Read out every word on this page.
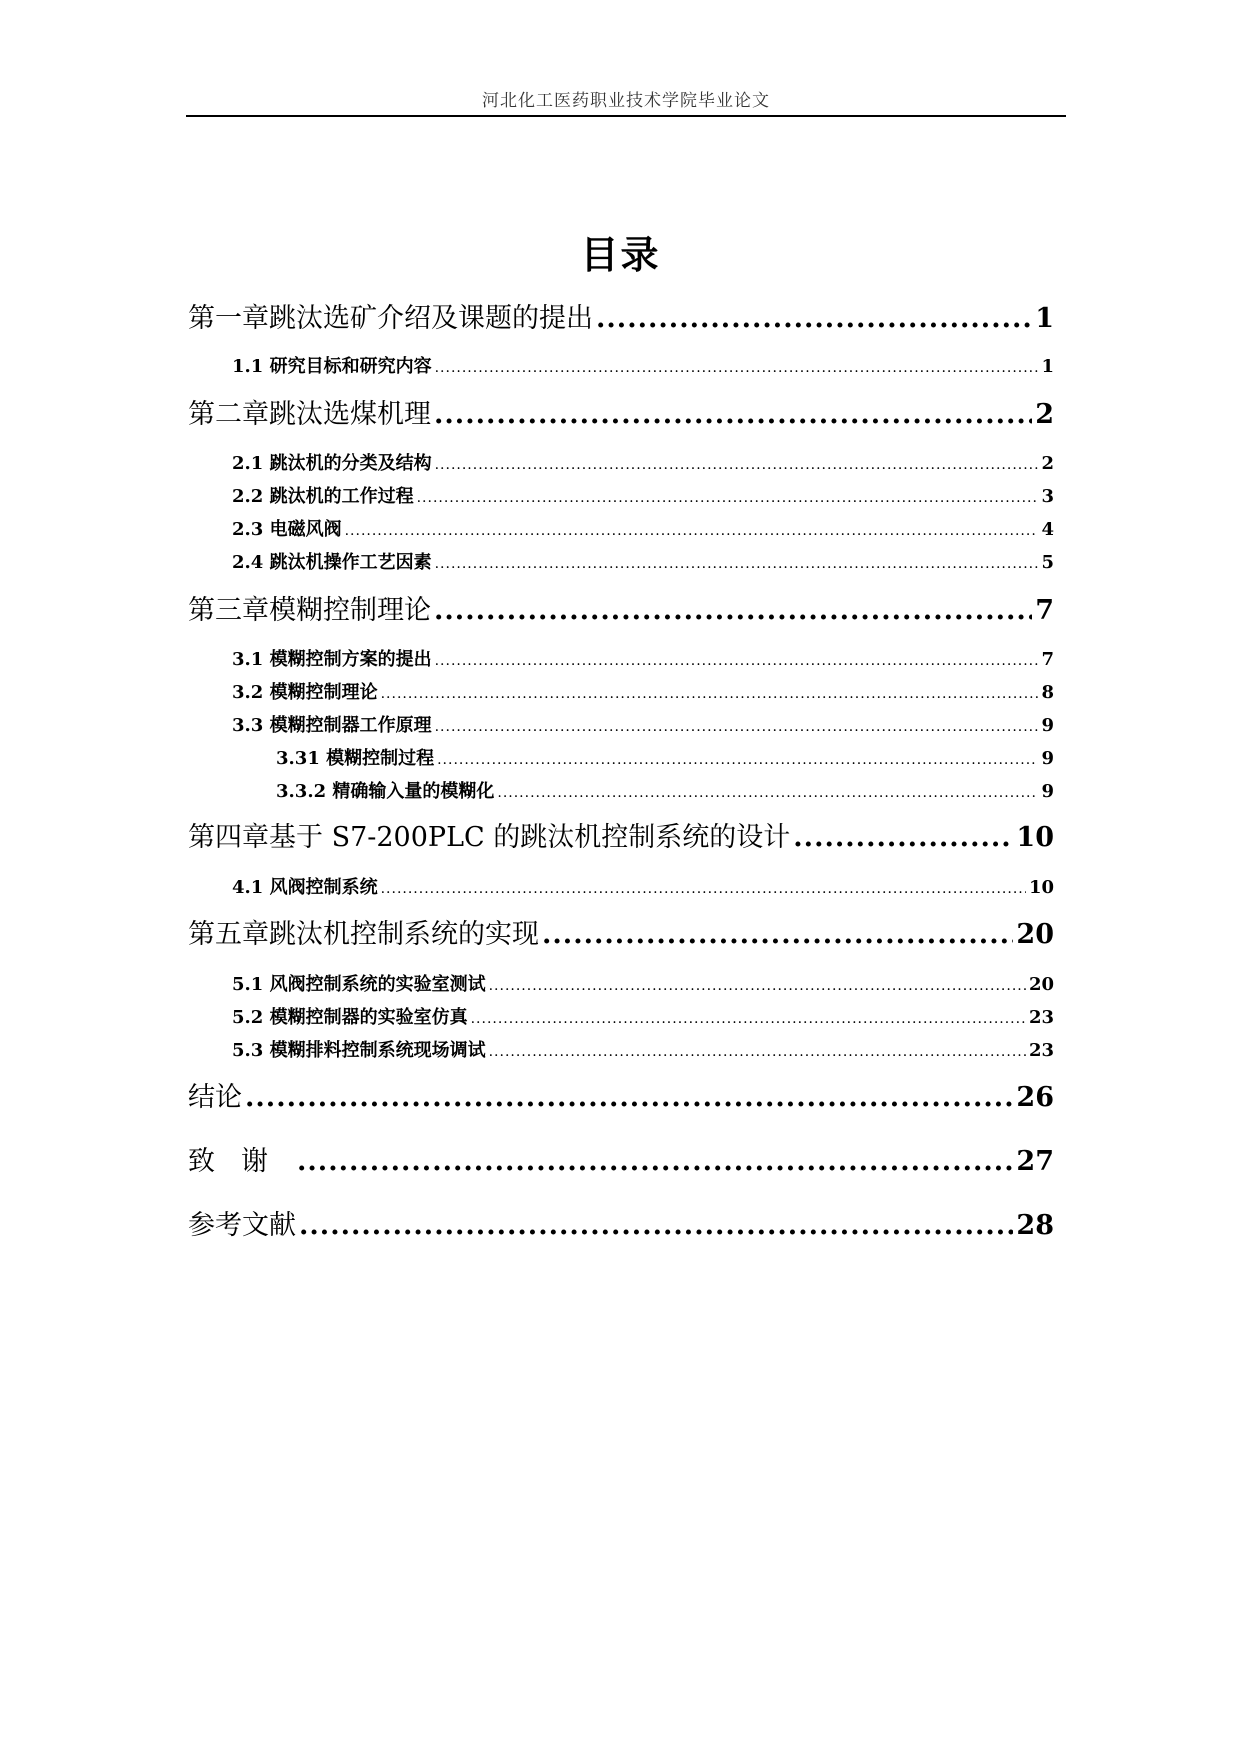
河北化工医药职业技术学院毕业论文
目录
第一章跳汰选矿介绍及课题的提出 .....	1
1.1 研究目标和研究内容 .....	1
第二章跳汰选煤机理 .....	2
2.1 跳汰机的分类及结构 .....	2
2.2 跳汰机的工作过程 .....	3
2.3 电磁风阀 .....	4
2.4 跳汰机操作工艺因素 .....	5
第三章模糊控制理论 .....	7
3.1 模糊控制方案的提出 .....	7
3.2 模糊控制理论 .....	8
3.3 模糊控制器工作原理 .....	9
3.31 模糊控制过程 .....	9
3.3.2 精确输入量的模糊化 .....	9
第四章基于 S7-200PLC 的跳汰机控制系统的设计 .....	10
4.1 风阀控制系统 .....	10
第五章跳汰机控制系统的实现 .....	20
5.1 风阀控制系统的实验室测试 .....	20
5.2 模糊控制器的实验室仿真 .....	23
5.3 模糊排料控制系统现场调试 .....	23
结论 .....	26
致谢 .....	27
参考文献 .....	28
